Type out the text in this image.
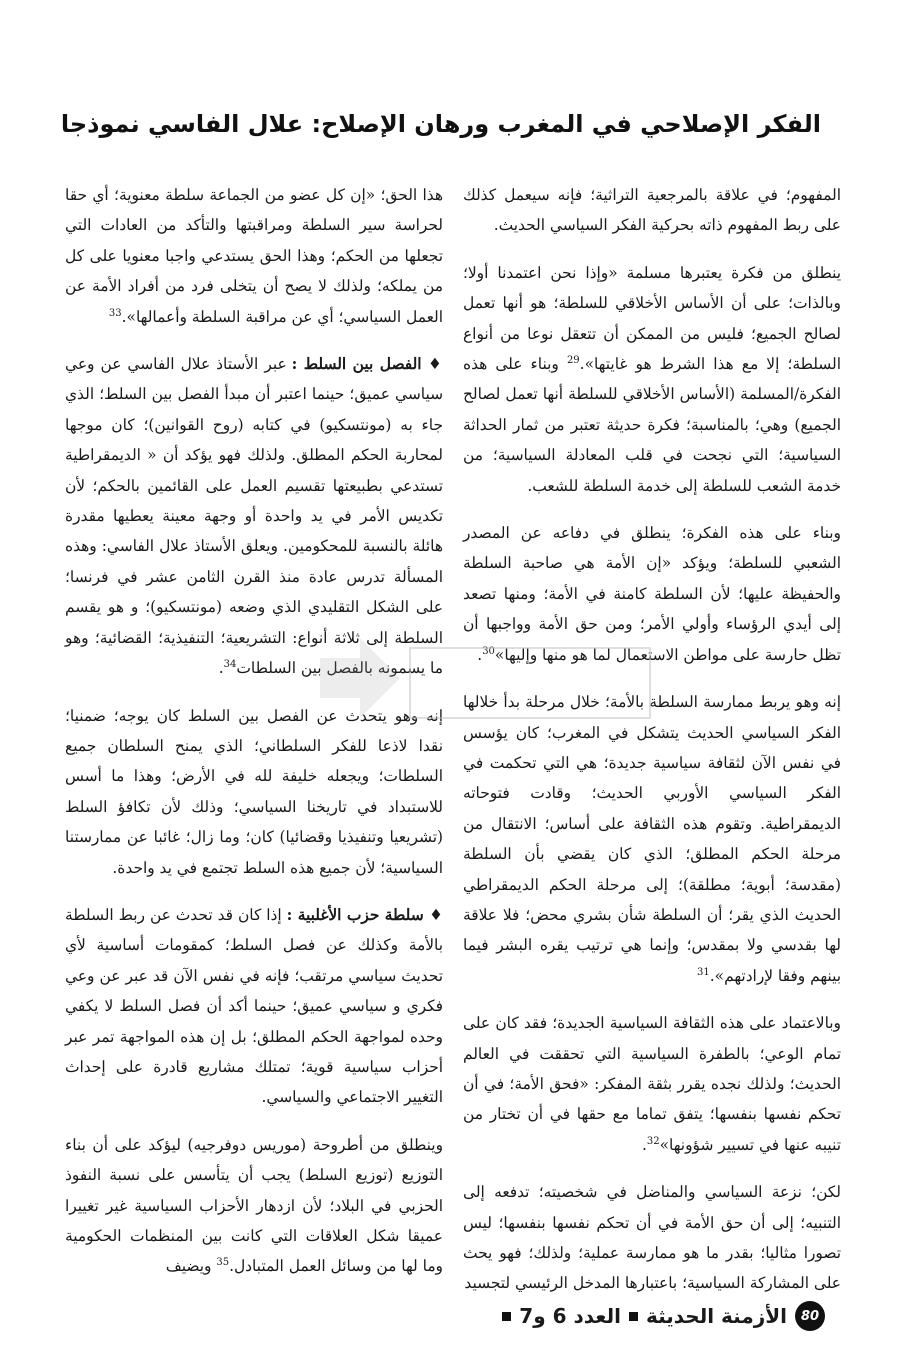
الفكر الإصلاحي في المغرب ورهان الإصلاح: علال الفاسي نموذجا

المفهوم؛ في علاقة بالمرجعية التراثية؛ فإنه سيعمل كذلك على ربط المفهوم ذاته بحركية الفكر السياسي الحديث.

ينطلق من فكرة يعتبرها مسلمة «وإذا نحن اعتمدنا أولا؛ وبالذات؛ على أن الأساس الأخلاقي للسلطة؛ هو أنها تعمل لصالح الجميع؛ فليس من الممكن أن تتعقل نوعا من أنواع السلطة؛ إلا مع هذا الشرط هو غايتها».$^{29}$ وبناء على هذه الفكرة/المسلمة (الأساس الأخلاقي للسلطة أنها تعمل لصالح الجميع) وهي؛ بالمناسبة؛ فكرة حديثة تعتبر من ثمار الحداثة السياسية؛ التي نجحت في قلب المعادلة السياسية؛ من خدمة الشعب للسلطة إلى خدمة السلطة للشعب.

وبناء على هذه الفكرة؛ ينطلق في دفاعه عن المصدر الشعبي للسلطة؛ ويؤكد «إن الأمة هي صاحبة السلطة والحفيظة عليها؛ لأن السلطة كامنة في الأمة؛ ومنها تصعد إلى أيدي الرؤساء وأولي الأمر؛ ومن حق الأمة وواجبها أن تظل حارسة على مواطن الاستعمال لما هو منها وإليها»$^{30}$.

إنه وهو يربط ممارسة السلطة بالأمة؛ خلال مرحلة بدأ خلالها الفكر السياسي الحديث يتشكل في المغرب؛ كان يؤسس في نفس الآن لثقافة سياسية جديدة؛ هي التي تحكمت في الفكر السياسي الأوربي الحديث؛ وقادت فتوحاته الديمقراطية. وتقوم هذه الثقافة على أساس؛ الانتقال من مرحلة الحكم المطلق؛ الذي كان يقضي بأن السلطة (مقدسة؛ أبوية؛ مطلقة)؛ إلى مرحلة الحكم الديمقراطي الحديث الذي يقر؛ أن السلطة شأن بشري محض؛ فلا علاقة لها بقدسي ولا بمقدس؛ وإنما هي ترتيب يقره البشر فيما بينهم وفقا لإرادتهم».$^{31}$

وبالاعتماد على هذه الثقافة السياسية الجديدة؛ فقد كان على تمام الوعي؛ بالطفرة السياسية التي تحققت في العالم الحديث؛ ولذلك نجده يقرر بثقة المفكر: «فحق الأمة؛ في أن تحكم نفسها بنفسها؛ يتفق تماما مع حقها في أن تختار من تنيبه عنها في تسيير شؤونها»$^{32}$.

لكن؛ نزعة السياسي والمناضل في شخصيته؛ تدفعه إلى التنبيه؛ إلى أن حق الأمة في أن تحكم نفسها بنفسها؛ ليس تصورا مثاليا؛ بقدر ما هو ممارسة عملية؛ ولذلك؛ فهو يحث على المشاركة السياسية؛ باعتبارها المدخل الرئيسي لتجسيد

هذا الحق؛ «إن كل عضو من الجماعة سلطة معنوية؛ أي حقا لحراسة سير السلطة ومراقبتها والتأكد من العادات التي تجعلها من الحكم؛ وهذا الحق يستدعي واجبا معنويا على كل من يملكه؛ ولذلك لا يصح أن يتخلى فرد من أفراد الأمة عن العمل السياسي؛ أي عن مراقبة السلطة وأعمالها».$^{33}$

♦ الفصل بين السلط : عبر الأستاذ علال الفاسي عن وعي سياسي عميق؛ حينما اعتبر أن مبدأ الفصل بين السلط؛ الذي جاء به (مونتسكيو) في كتابه (روح القوانين)؛ كان موجها لمحاربة الحكم المطلق. ولذلك فهو يؤكد أن « الديمقراطية تستدعي بطبيعتها تقسيم العمل على القائمين بالحكم؛ لأن تكديس الأمر في يد واحدة أو وجهة معينة يعطيها مقدرة هائلة بالنسبة للمحكومين. ويعلق الأستاذ علال الفاسي: وهذه المسألة تدرس عادة منذ القرن الثامن عشر في فرنسا؛ على الشكل التقليدي الذي وضعه (مونتسكيو)؛ و هو يقسم السلطة إلى ثلاثة أنواع: التشريعية؛ التنفيذية؛ القضائية؛ وهو ما يسمونه بالفصل بين السلطات$^{34}$.

إنه وهو يتحدث عن الفصل بين السلط كان يوجه؛ ضمنيا؛ نقدا لاذعا للفكر السلطاني؛ الذي يمنح السلطان جميع السلطات؛ ويجعله خليفة لله في الأرض؛ وهذا ما أسس للاستبداد في تاريخنا السياسي؛ وذلك لأن تكافؤ السلط (تشريعيا وتنفيذيا وقضائيا) كان؛ وما زال؛ غائبا عن ممارستنا السياسية؛ لأن جميع هذه السلط تجتمع في يد واحدة.

♦ سلطة حزب الأغلبية : إذا كان قد تحدث عن ربط السلطة بالأمة وكذلك عن فصل السلط؛ كمقومات أساسية لأي تحديث سياسي مرتقب؛ فإنه في نفس الآن قد عبر عن وعي فكري و سياسي عميق؛ حينما أكد أن فصل السلط لا يكفي وحده لمواجهة الحكم المطلق؛ بل إن هذه المواجهة تمر عبر أحزاب سياسية قوية؛ تمتلك مشاريع قادرة على إحداث التغيير الاجتماعي والسياسي.

وينطلق من أطروحة (موريس دوفرجيه) ليؤكد على أن بناء التوزيع (توزيع السلط) يجب أن يتأسس على نسبة النفوذ الحزبي في البلاد؛ لأن ازدهار الأحزاب السياسية غير تغييرا عميقا شكل العلاقات التي كانت بين المنظمات الحكومية وما لها من وسائل العمل المتبادل.$^{35}$ ويضيف

80
الأزمنة الحديثة
العدد 6 و7
